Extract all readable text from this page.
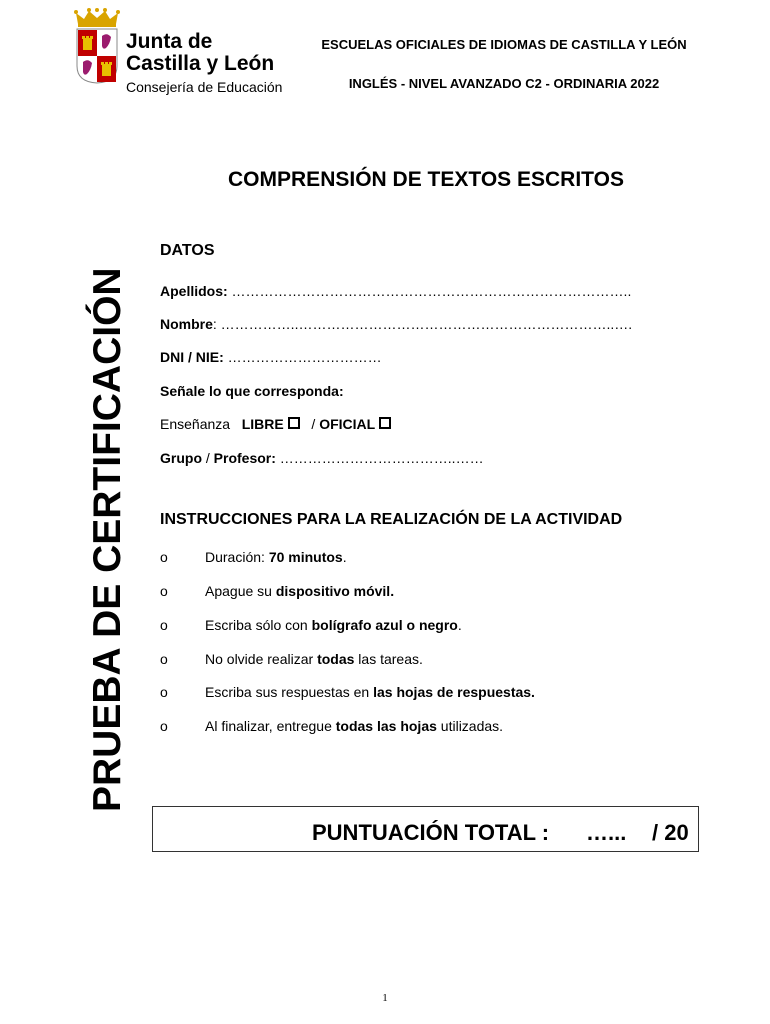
Junta de
Castilla y León
Consejería de Educación
ESCUELAS OFICIALES DE IDIOMAS DE CASTILLA Y LEÓN
INGLÉS - NIVEL AVANZADO C2 - ORDINARIA 2022
PRUEBA DE CERTIFICACIÓN
COMPRENSIÓN DE TEXTOS ESCRITOS
DATOS
Apellidos: …………………………………………………………………………..
Nombre: ……………..…………………………………………………………..….
DNI / NIE: ……………………………
Señale lo que corresponda:
Enseñanza LIBRE / OFICIAL
Grupo / Profesor: ………………………………..……
INSTRUCCIONES PARA LA REALIZACIÓN DE LA ACTIVIDAD
o	Duración: 70 minutos.
o	Apague su dispositivo móvil.
o	Escriba sólo con bolígrafo azul o negro.
o	No olvide realizar todas las tareas.
o	Escriba sus respuestas en las hojas de respuestas.
o	Al finalizar, entregue todas las hojas utilizadas.
PUNTUACIÓN TOTAL : …... / 20
1
